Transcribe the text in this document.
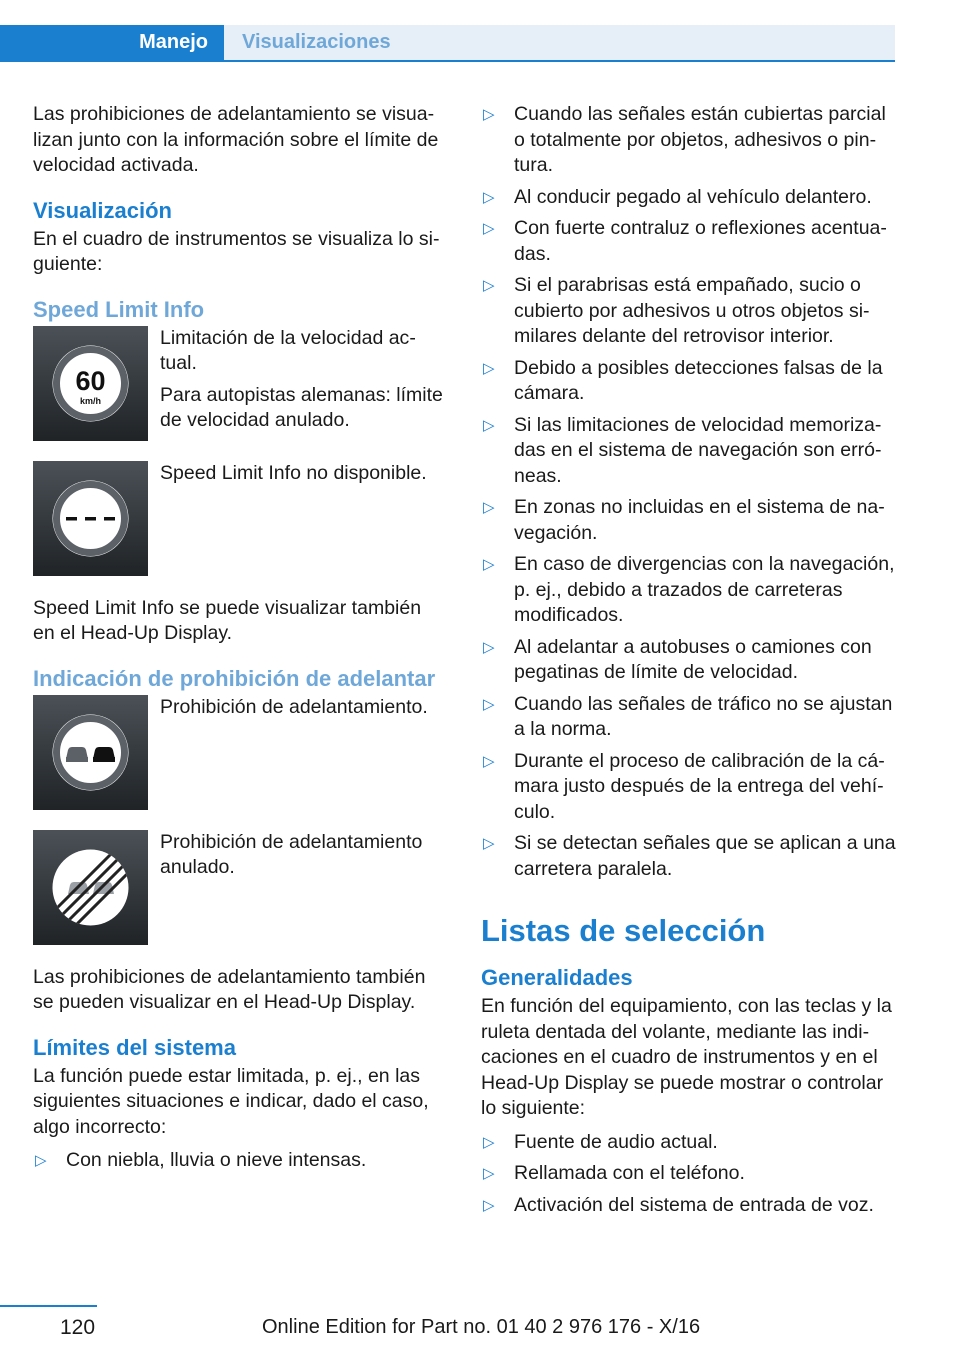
Manejo	Visualizaciones

Las prohibiciones de adelantamiento se visualizan junto con la información sobre el límite de velocidad activada.

Visualización

En el cuadro de instrumentos se visualiza lo siguiente:

Speed Limit Info
60
km/h

Limitación de la velocidad actual.

Para autopistas alemanas: límite de velocidad anulado.

Speed Limit Info no disponible.

Speed Limit Info se puede visualizar también en el Head-Up Display.

Indicación de prohibición de adelantar

Prohibición de adelantamiento.

Prohibición de adelantamiento anulado.

Las prohibiciones de adelantamiento también se pueden visualizar en el Head-Up Display.

Límites del sistema

La función puede estar limitada, p. ej., en las siguientes situaciones e indicar, dado el caso, algo incorrecto:

▷ Con niebla, lluvia o nieve intensas.
▷ Cuando las señales están cubiertas parcial o totalmente por objetos, adhesivos o pintura.
▷ Al conducir pegado al vehículo delantero.
▷ Con fuerte contraluz o reflexiones acentuadas.
▷ Si el parabrisas está empañado, sucio o cubierto por adhesivos u otros objetos similares delante del retrovisor interior.
▷ Debido a posibles detecciones falsas de la cámara.
▷ Si las limitaciones de velocidad memorizadas en el sistema de navegación son erróneas.
▷ En zonas no incluidas en el sistema de navegación.
▷ En caso de divergencias con la navegación, p. ej., debido a trazados de carreteras modificados.
▷ Al adelantar a autobuses o camiones con pegatinas de límite de velocidad.
▷ Cuando las señales de tráfico no se ajustan a la norma.
▷ Durante el proceso de calibración de la cámara justo después de la entrega del vehículo.
▷ Si se detectan señales que se aplican a una carretera paralela.
Listas de selección
Generalidades

En función del equipamiento, con las teclas y la ruleta dentada del volante, mediante las indicaciones en el cuadro de instrumentos y en el Head-Up Display se puede mostrar o controlar lo siguiente:

▷ Fuente de audio actual.
▷ Rellamada con el teléfono.
▷ Activación del sistema de entrada de voz.
120	Online Edition for Part no. 01 40 2 976 176 - X/16
